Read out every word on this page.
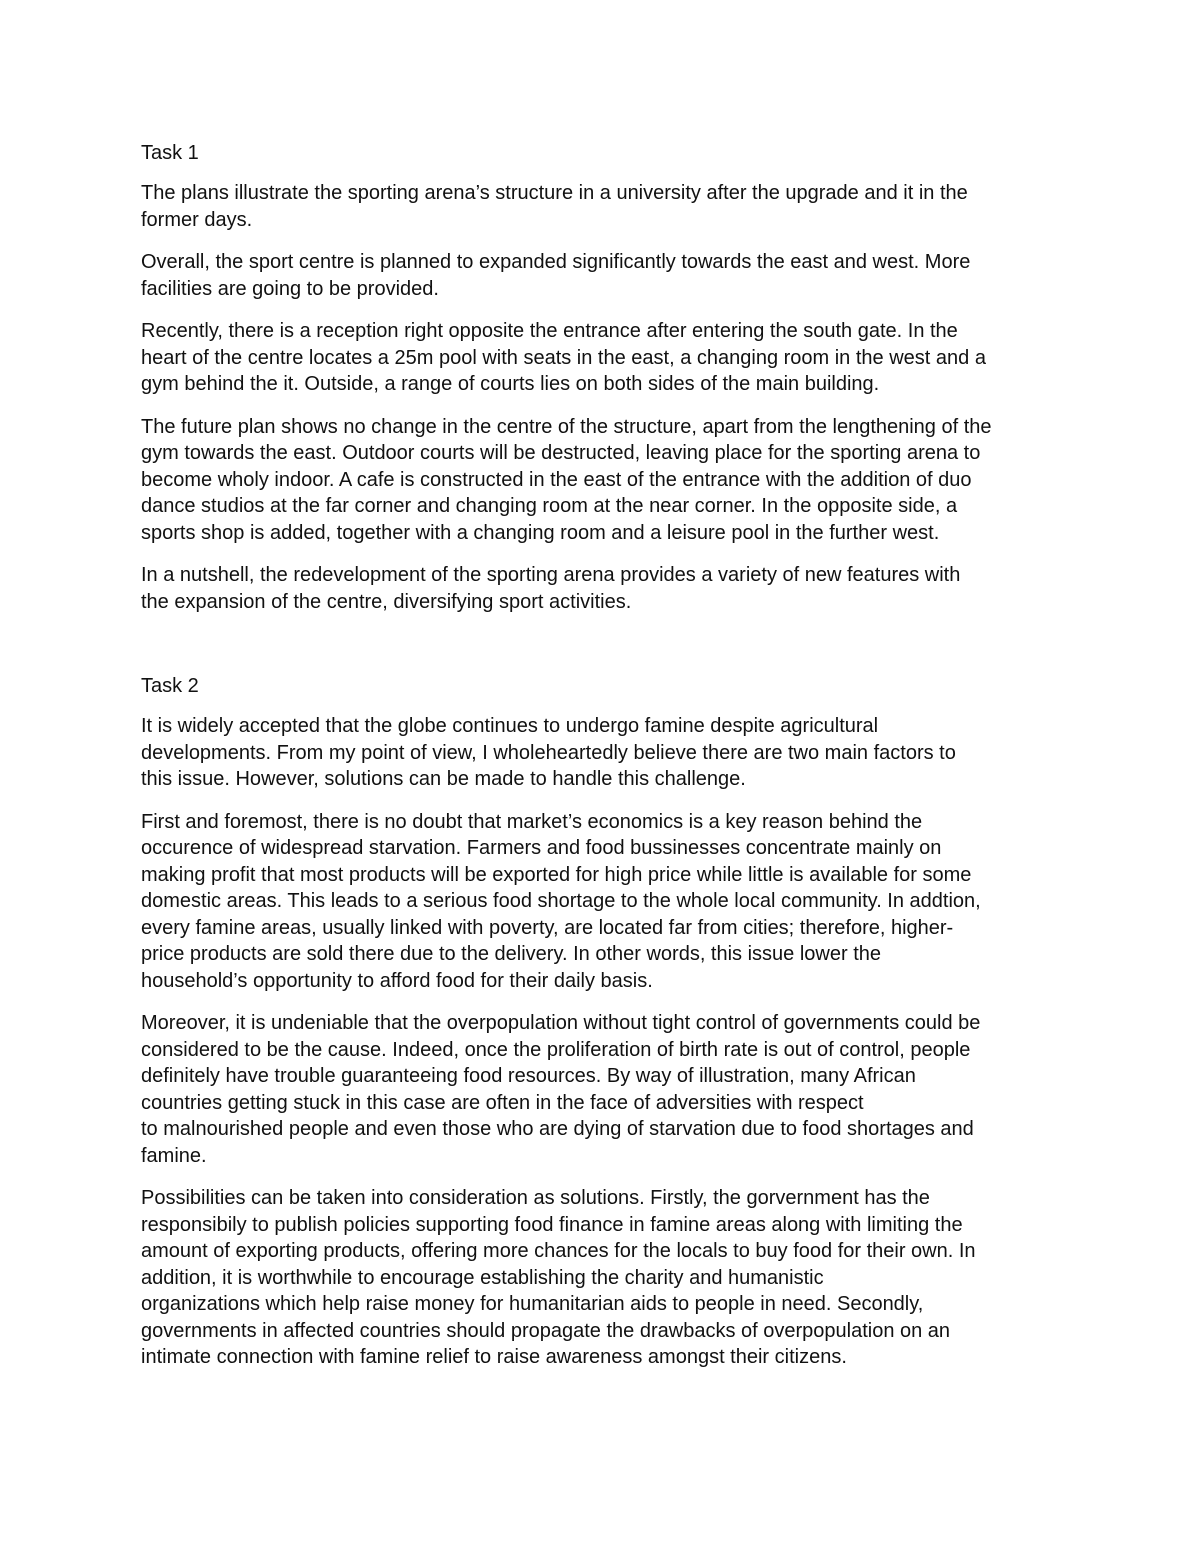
Task 1

The plans illustrate the sporting arena’s structure in a university after the upgrade and it in the
former days.

Overall, the sport centre is planned to expanded significantly towards the east and west. More
facilities are going to be provided.

Recently, there is a reception right opposite the entrance after entering the south gate. In the
heart of the centre locates a 25m pool with seats in the east, a changing room in the west and a
gym behind the it. Outside, a range of courts lies on both sides of the main building.

The future plan shows no change in the centre of the structure, apart from the lengthening of the
gym towards the east. Outdoor courts will be destructed, leaving place for the sporting arena to
become wholy indoor. A cafe is constructed in the east of the entrance with the addition of duo
dance studios at the far corner and changing room at the near corner. In the opposite side, a
sports shop is added, together with a changing room and a leisure pool in the further west.

In a nutshell, the redevelopment of the sporting arena provides a variety of new features with
the expansion of the centre, diversifying sport activities.

Task 2

It is widely accepted that the globe continues to undergo famine despite agricultural
developments. From my point of view, I wholeheartedly believe there are two main factors to
this issue. However, solutions can be made to handle this challenge.

First and foremost, there is no doubt that market’s economics is a key reason behind the
occurence of widespread starvation. Farmers and food bussinesses concentrate mainly on
making profit that most products will be exported for high price while little is available for some
domestic areas. This leads to a serious food shortage to the whole local community. In addtion,
every famine areas, usually linked with poverty, are located far from cities; therefore, higher-
price products are sold there due to the delivery. In other words, this issue lower the
household’s opportunity to afford food for their daily basis.

Moreover, it is undeniable that the overpopulation without tight control of governments could be
considered to be the cause. Indeed, once the proliferation of birth rate is out of control, people
definitely have trouble guaranteeing food resources. By way of illustration, many African
countries getting stuck in this case are often in the face of adversities with respect
to malnourished people and even those who are dying of starvation due to food shortages and
famine.

Possibilities can be taken into consideration as solutions. Firstly, the gorvernment has the
responsibily to publish policies supporting food finance in famine areas along with limiting the
amount of exporting products, offering more chances for the locals to buy food for their own. In
addition, it is worthwhile to encourage establishing the charity and humanistic
organizations which help raise money for humanitarian aids to people in need. Secondly,
governments in affected countries should propagate the drawbacks of overpopulation on an
intimate connection with famine relief to raise awareness amongst their citizens.
